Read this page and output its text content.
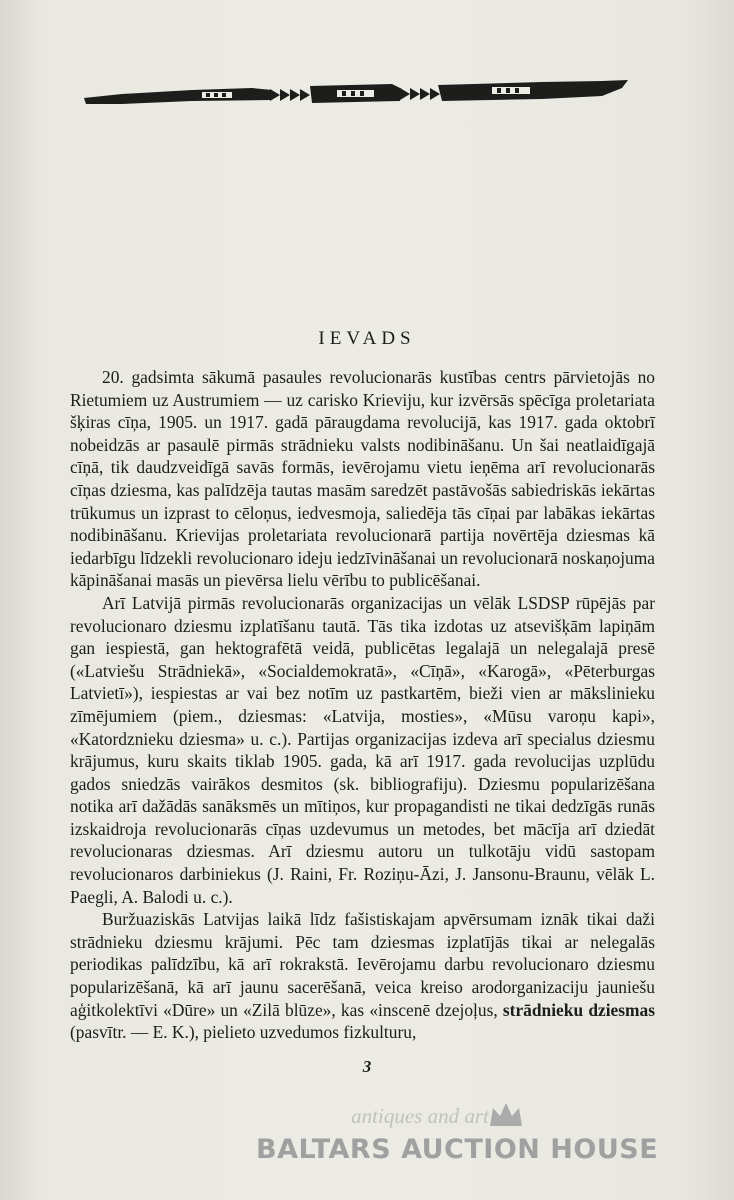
IEVADS

20. gadsimta sākumā pasaules revolucionarās kustības centrs pārvietojās no Rietumiem uz Austrumiem — uz carisko Krieviju, kur izvērsās spēcīga proletariata šķiras cīņa, 1905. un 1917. gadā pāraugdama revolucijā, kas 1917. gada oktobrī nobeidzās ar pasaulē pirmās strādnieku valsts nodibināšanu. Un šai neatlaidīgajā cīņā, tik daudzveidīgā savās formās, ievērojamu vietu ieņēma arī revolucionarās cīņas dziesma, kas palīdzēja tautas masām saredzēt pastāvošās sabiedriskās iekārtas trūkumus un izprast to cēloņus, iedvesmoja, saliedēja tās cīņai par labākas iekārtas nodibināšanu. Krievijas proletariata revolucionarā partija novērtēja dziesmas kā iedarbīgu līdzekli revolucionaro ideju iedzīvināšanai un revolucionarā noskaņojuma kāpināšanai masās un pievērsa lielu vērību to publicēšanai.

Arī Latvijā pirmās revolucionarās organizacijas un vēlāk LSDSP rūpējās par revolucionaro dziesmu izplatīšanu tautā. Tās tika izdotas uz atsevišķām lapiņām gan iespiestā, gan hektografētā veidā, publicētas legalajā un nelegalajā presē («Latviešu Strādniekā», «Socialdemokratā», «Cīņā», «Karogā», «Pēterburgas Latvietī»), iespiestas ar vai bez notīm uz pastkartēm, bieži vien ar mākslinieku zīmējumiem (piem., dziesmas: «Latvija, mosties», «Mūsu varoņu kapi», «Katordznieku dziesma» u. c.). Partijas organizacijas izdeva arī specialus dziesmu krājumus, kuru skaits tiklab 1905. gada, kā arī 1917. gada revolucijas uzplūdu gados sniedzās vairākos desmitos (sk. bibliografiju). Dziesmu popularizēšana notika arī dažādās sanāksmēs un mītiņos, kur propagandisti ne tikai dedzīgās runās izskaidroja revolucionarās cīņas uzdevumus un metodes, bet mācīja arī dziedāt revolucionaras dziesmas. Arī dziesmu autoru un tulkotāju vidū sastopam revolucionaros darbiniekus (J. Raini, Fr. Roziņu-Āzi, J. Jansonu-Braunu, vēlāk L. Paegli, A. Balodi u. c.).

Buržuaziskās Latvijas laikā līdz fašistiskajam apvērsumam iznāk tikai daži strādnieku dziesmu krājumi. Pēc tam dziesmas izplatījās tikai ar nelegalās periodikas palīdzību, kā arī rokrakstā. Ievērojamu darbu revolucionaro dziesmu popularizēšanā, kā arī jaunu sacerēšanā, veica kreiso arodorganizaciju jauniešu aģitkolektīvi «Dūre» un «Zilā blūze», kas «inscenē dzejoļus, strādnieku dziesmas (pasvītr. — E. K.), pielieto uzvedumos fizkulturu,

3
antiques and art
BALTARS AUCTION HOUSE
